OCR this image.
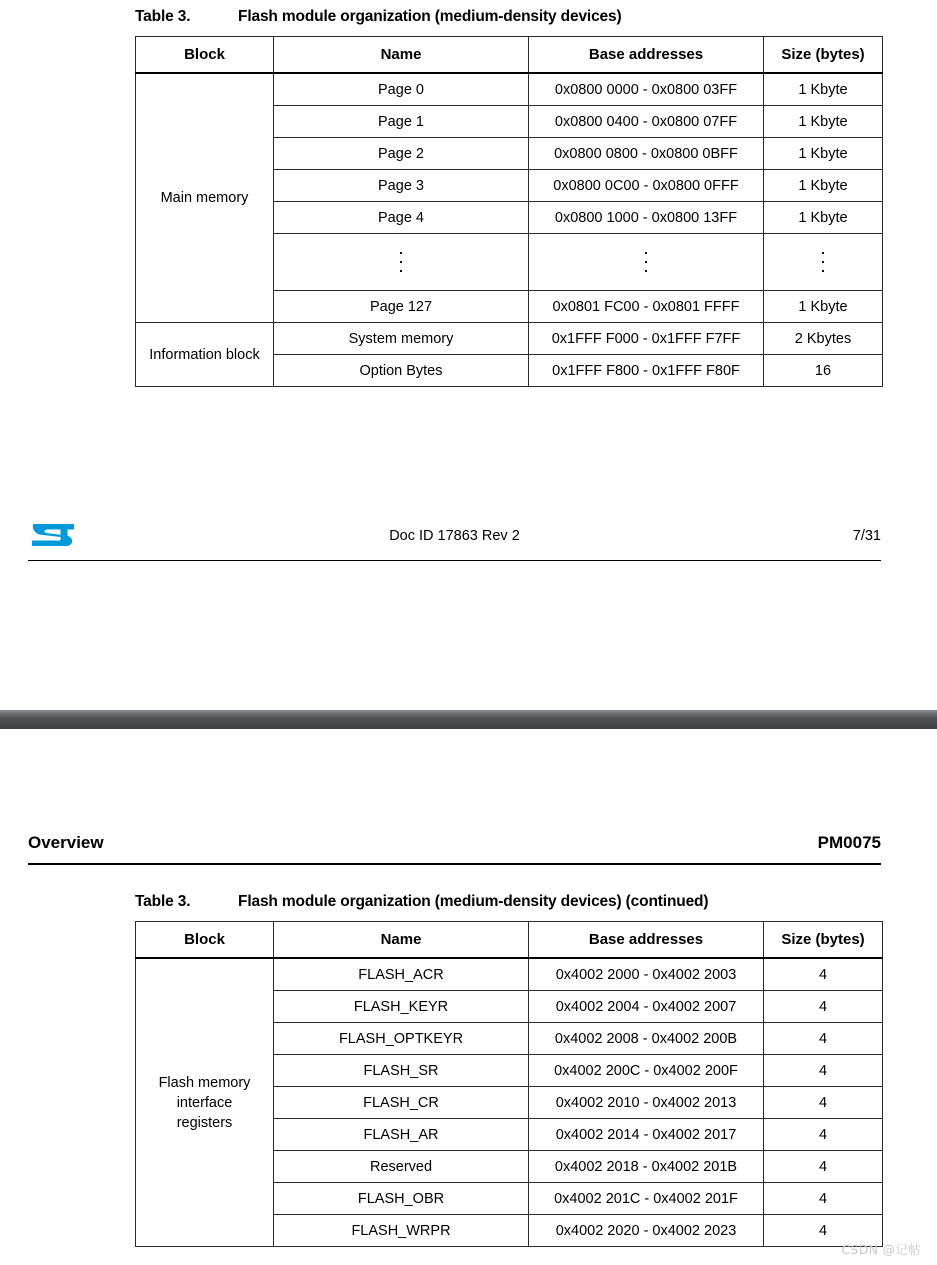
Table 3.	Flash module organization (medium-density devices)
Block	Name	Base addresses	Size (bytes)
Main memory	Page 0	0x0800 0000 - 0x0800 03FF	1 Kbyte
	Page 1	0x0800 0400 - 0x0800 07FF	1 Kbyte
	Page 2	0x0800 0800 - 0x0800 0BFF	1 Kbyte
	Page 3	0x0800 0C00 - 0x0800 0FFF	1 Kbyte
	Page 4	0x0800 1000 - 0x0800 13FF	1 Kbyte

	Page 127	0x0801 FC00 - 0x0801 FFFF	1 Kbyte
Information block	System memory	0x1FFF F000 - 0x1FFF F7FF	2 Kbytes
	Option Bytes	0x1FFF F800 - 0x1FFF F80F	16
Doc ID 17863 Rev 2	7/31
Overview	PM0075
Table 3.	Flash module organization (medium-density devices) (continued)
Block	Name	Base addresses	Size (bytes)

Flash memory
interface
registers	FLASH_ACR	0x4002 2000 - 0x4002 2003	4
	FLASH_KEYR	0x4002 2004 - 0x4002 2007	4
	FLASH_OPTKEYR	0x4002 2008 - 0x4002 200B	4
	FLASH_SR	0x4002 200C - 0x4002 200F	4
	FLASH_CR	0x4002 2010 - 0x4002 2013	4
	FLASH_AR	0x4002 2014 - 0x4002 2017	4
	Reserved	0x4002 2018 - 0x4002 201B	4
	FLASH_OBR	0x4002 201C - 0x4002 201F	4
	FLASH_WRPR	0x4002 2020 - 0x4002 2023	4
CSDN @记帖
